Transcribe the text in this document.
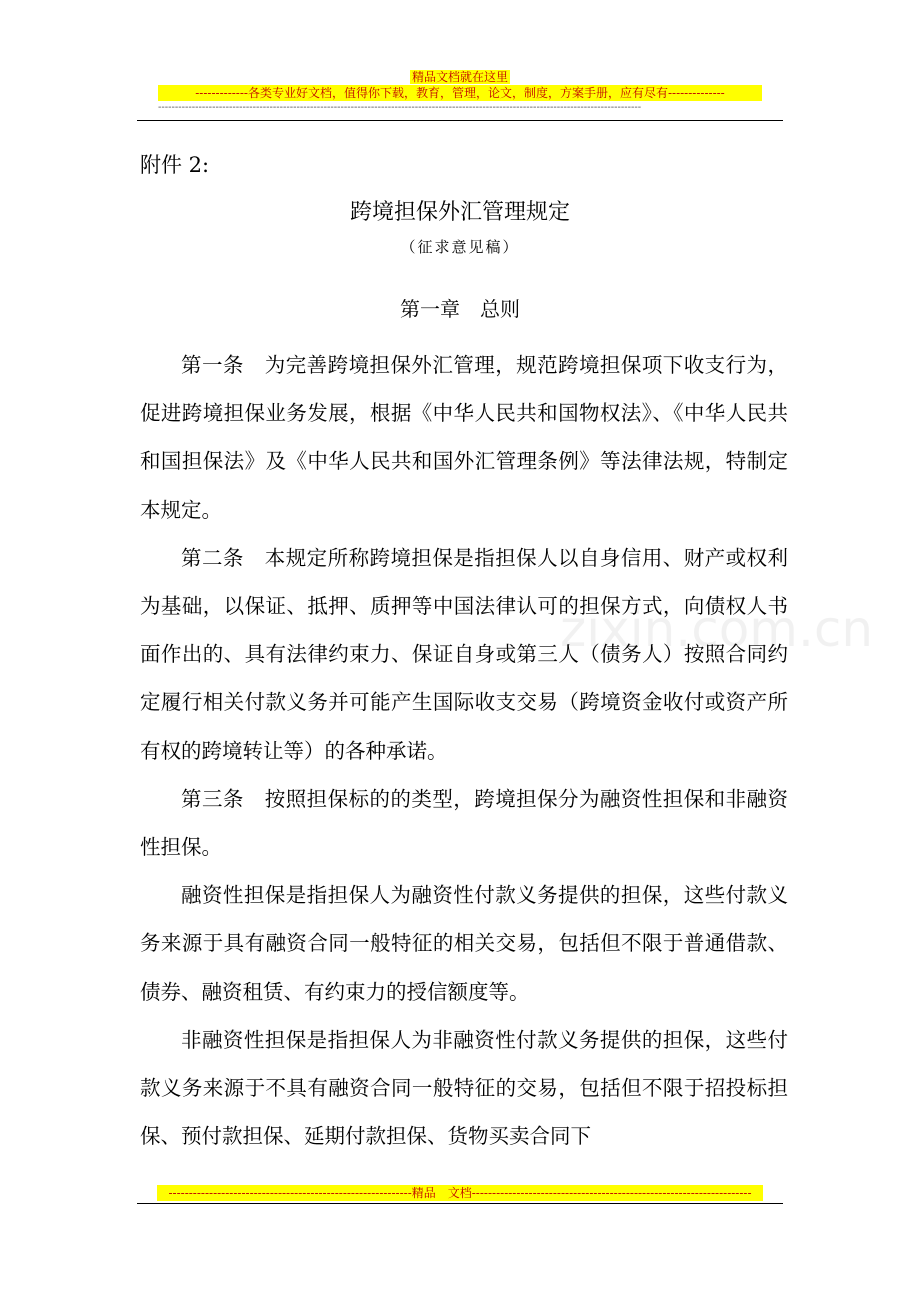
精品文档就在这里
-------------各类专业好文档，值得你下载，教育，管理，论文，制度，方案手册，应有尽有--------------
-----------------------------------------------------------------------------------------------------------------------------------------------
zixin.com.cn
附件 2:
跨境担保外汇管理规定
（征求意见稿）
第一章　总则

第一条　为完善跨境担保外汇管理，规范跨境担保项下收支行为，促进跨境担保业务发展，根据《中华人民共和国物权法》、《中华人民共和国担保法》及《中华人民共和国外汇管理条例》等法律法规，特制定本规定。

第二条　本规定所称跨境担保是指担保人以自身信用、财产或权利为基础，以保证、抵押、质押等中国法律认可的担保方式，向债权人书面作出的、具有法律约束力、保证自身或第三人（债务人）按照合同约定履行相关付款义务并可能产生国际收支交易（跨境资金收付或资产所有权的跨境转让等）的各种承诺。

第三条　按照担保标的的类型，跨境担保分为融资性担保和非融资性担保。

融资性担保是指担保人为融资性付款义务提供的担保，这些付款义务来源于具有融资合同一般特征的相关交易，包括但不限于普通借款、债券、融资租赁、有约束力的授信额度等。

非融资性担保是指担保人为非融资性付款义务提供的担保，这些付款义务来源于不具有融资合同一般特征的交易，包括但不限于招投标担保、预付款担保、延期付款担保、货物买卖合同下

------------------------------------------------------------精品　文档---------------------------------------------------------------------
